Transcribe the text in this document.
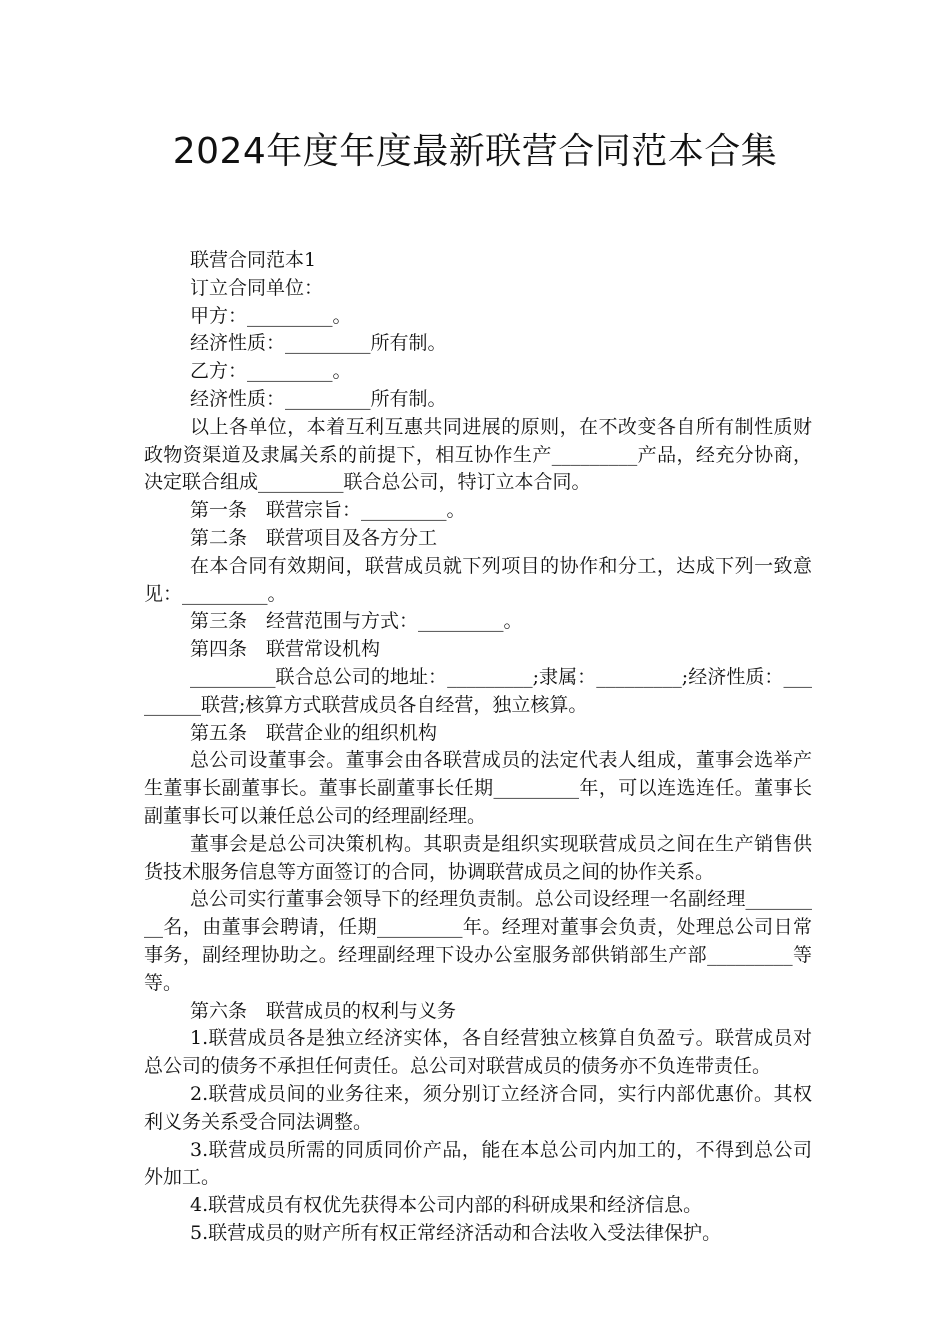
2024年度年度最新联营合同范本合集

联营合同范本1

订立合同单位：

甲方：_________。

经济性质：_________所有制。

乙方：_________。

经济性质：_________所有制。

以上各单位，本着互利互惠共同进展的原则，在不改变各自所有制性质财政物资渠道及隶属关系的前提下，相互协作生产_________产品，经充分协商，决定联合组成_________联合总公司，特订立本合同。

第一条　联营宗旨：_________。

第二条　联营项目及各方分工

在本合同有效期间，联营成员就下列项目的协作和分工，达成下列一致意见：_________。

第三条　经营范围与方式：_________。

第四条　联营常设机构

_________联合总公司的地址：_________;隶属：_________;经济性质：_________联营;核算方式联营成员各自经营，独立核算。

第五条　联营企业的组织机构

总公司设董事会。董事会由各联营成员的法定代表人组成，董事会选举产生董事长副董事长。董事长副董事长任期_________年，可以连选连任。董事长副董事长可以兼任总公司的经理副经理。

董事会是总公司决策机构。其职责是组织实现联营成员之间在生产销售供货技术服务信息等方面签订的合同，协调联营成员之间的协作关系。

总公司实行董事会领导下的经理负责制。总公司设经理一名副经理_________名，由董事会聘请，任期_________年。经理对董事会负责，处理总公司日常事务，副经理协助之。经理副经理下设办公室服务部供销部生产部_________等等。

第六条　联营成员的权利与义务

1.联营成员各是独立经济实体，各自经营独立核算自负盈亏。联营成员对总公司的债务不承担任何责任。总公司对联营成员的债务亦不负连带责任。

2.联营成员间的业务往来，须分别订立经济合同，实行内部优惠价。其权利义务关系受合同法调整。

3.联营成员所需的同质同价产品，能在本总公司内加工的，不得到总公司外加工。

4.联营成员有权优先获得本公司内部的科研成果和经济信息。

5.联营成员的财产所有权正常经济活动和合法收入受法律保护。
